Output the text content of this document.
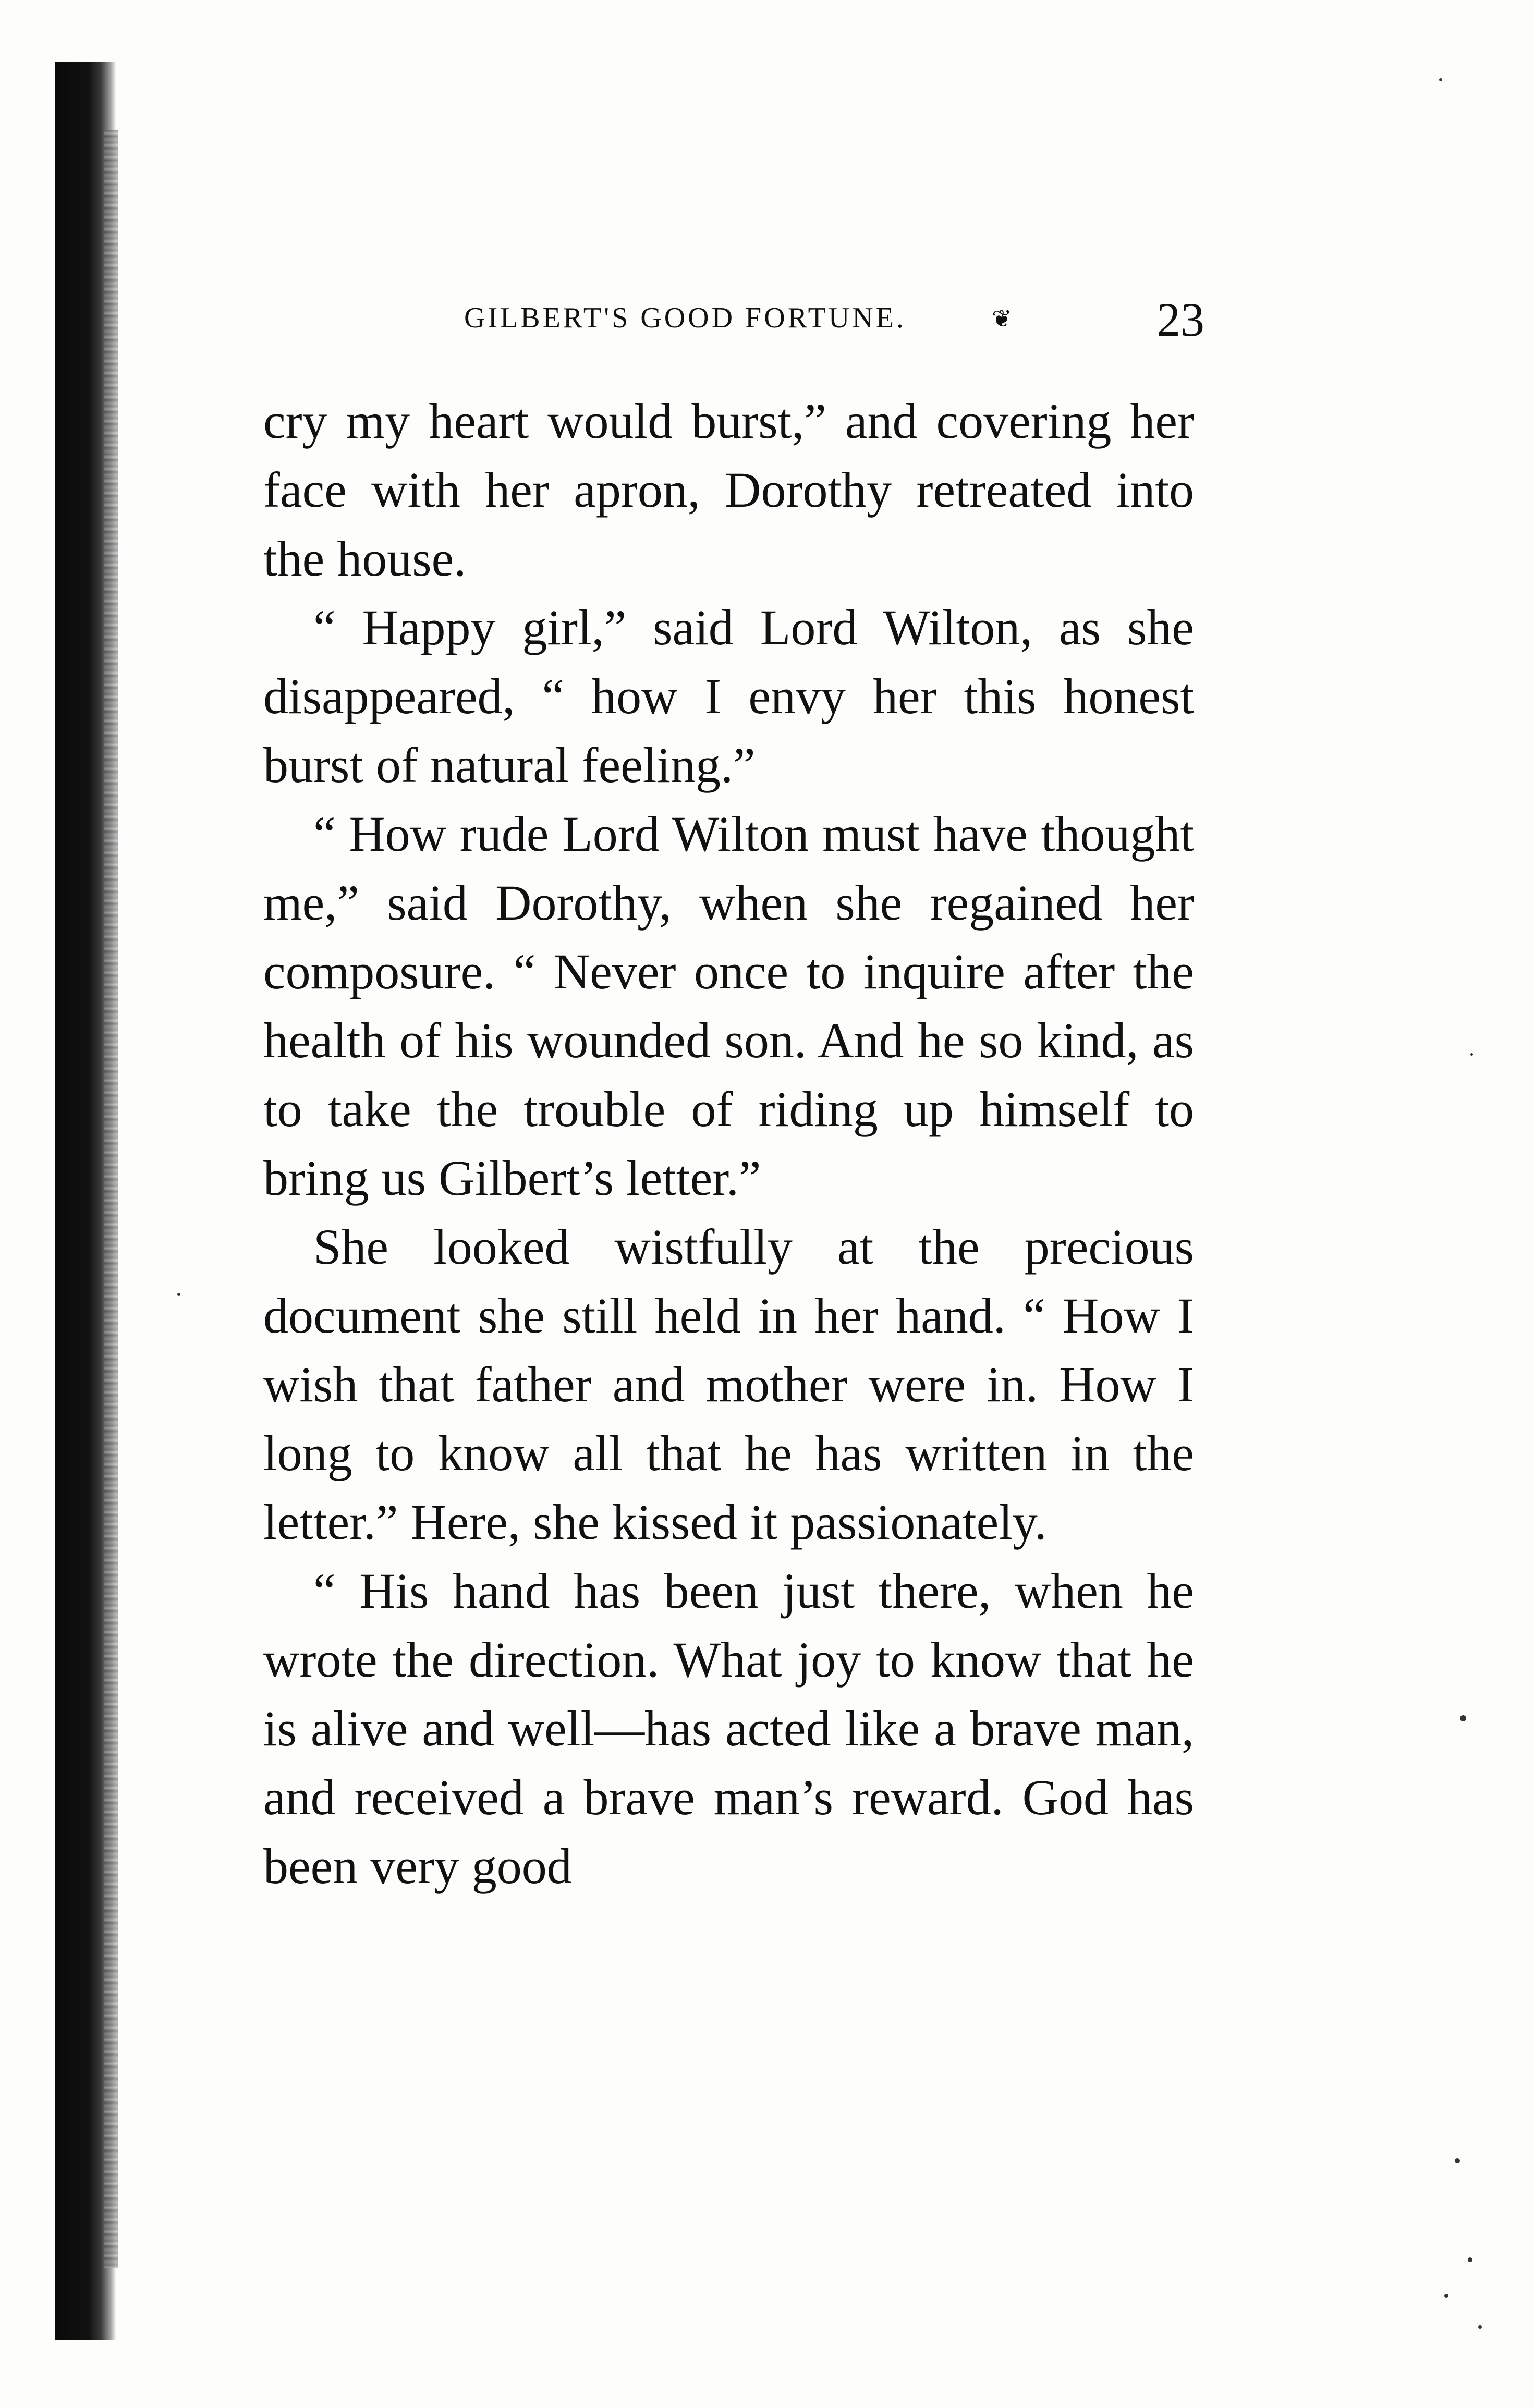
GILBERT'S GOOD FORTUNE.	❦	23

cry my heart would burst,” and covering her face with her apron, Dorothy retreated into the house.

“ Happy girl,” said Lord Wilton, as she disappeared, “ how I envy her this honest burst of natural feeling.”

“ How rude Lord Wilton must have thought me,” said Dorothy, when she regained her composure. “ Never once to inquire after the health of his wounded son. And he so kind, as to take the trouble of riding up himself to bring us Gilbert’s letter.”

She looked wistfully at the precious document she still held in her hand. “ How I wish that father and mother were in. How I long to know all that he has written in the letter.” Here, she kissed it passionately.

“ His hand has been just there, when he wrote the direction. What joy to know that he is alive and well—has acted like a brave man, and received a brave man’s reward. God has been very good
